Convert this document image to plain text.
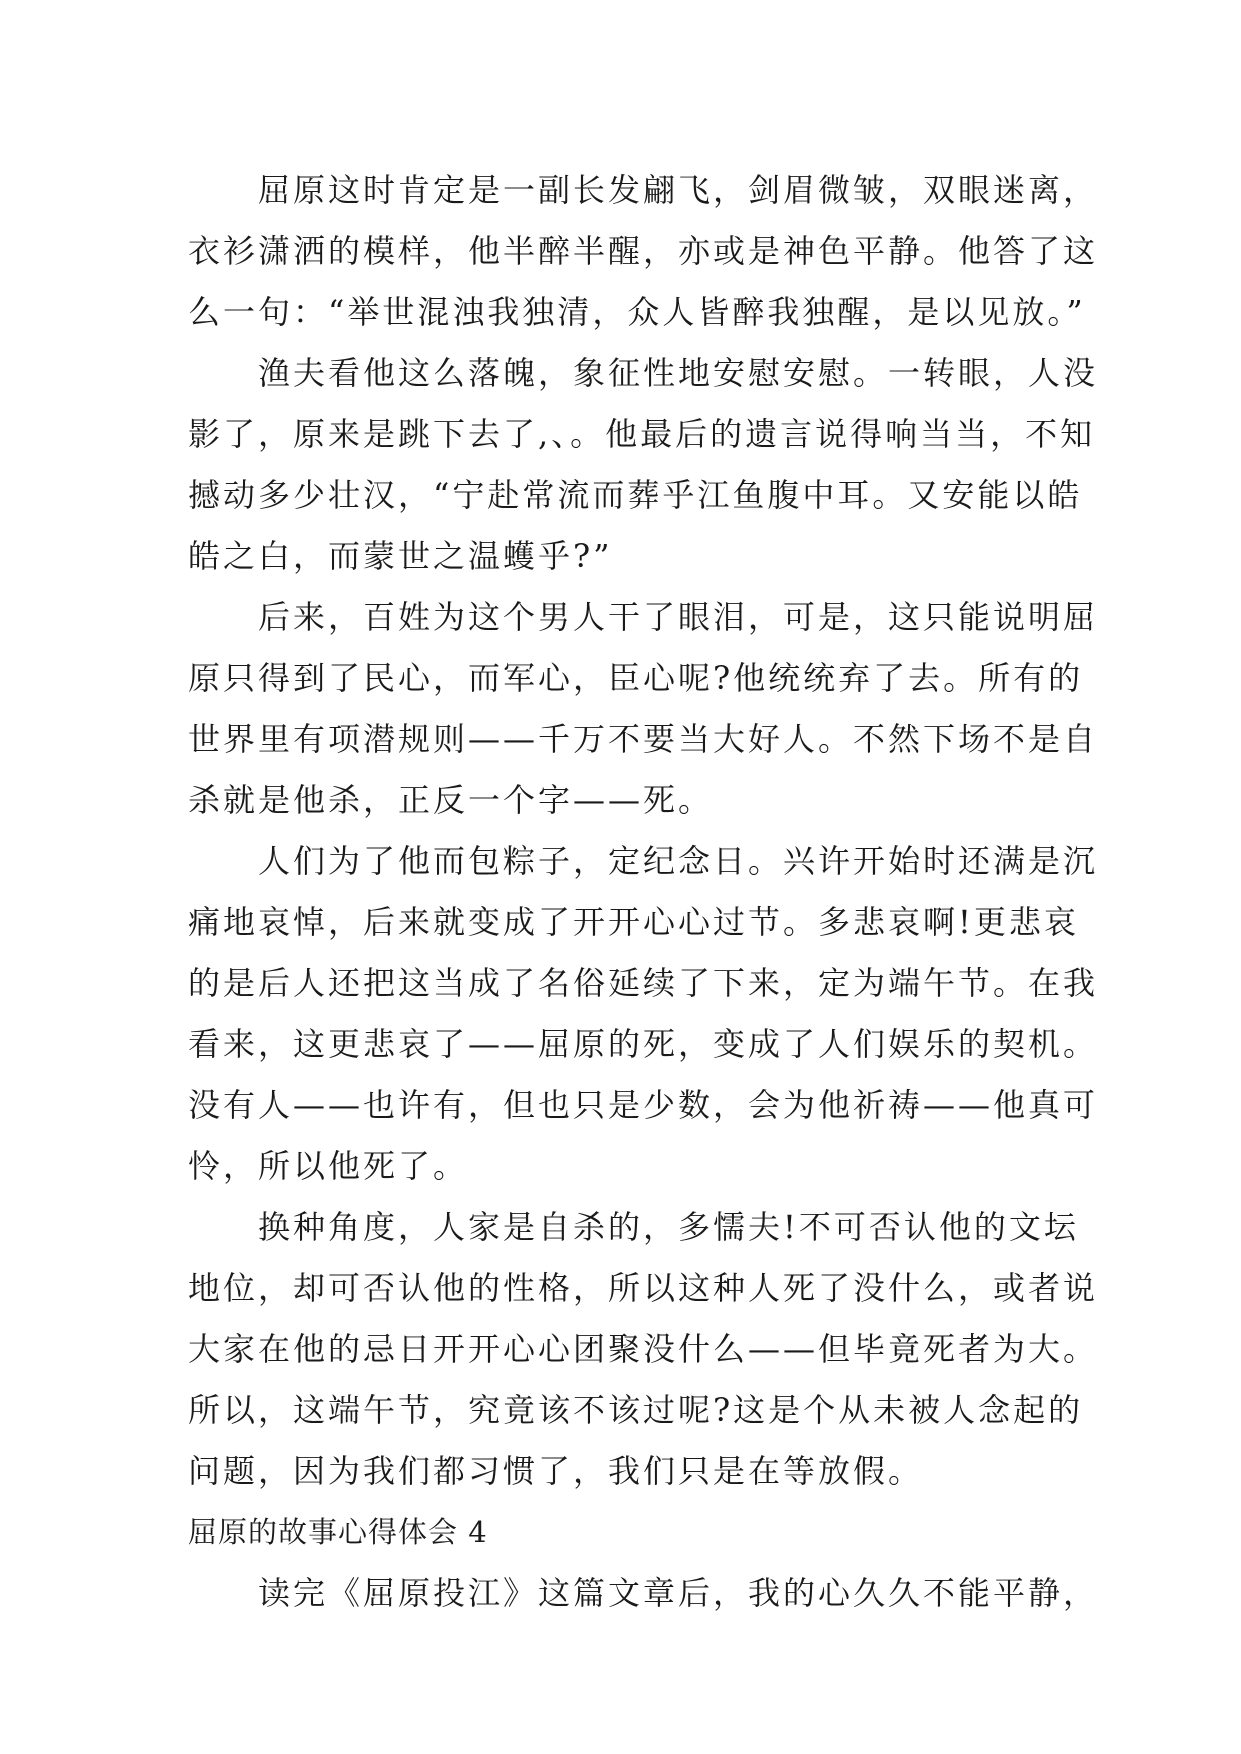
屈原这时肯定是一副长发翩飞，剑眉微皱，双眼迷离，
衣衫潇洒的模样，他半醉半醒，亦或是神色平静。他答了这
么一句：“举世混浊我独清，众人皆醉我独醒，是以见放。”
渔夫看他这么落魄，象征性地安慰安慰。一转眼，人没
影了，原来是跳下去了,、。他最后的遗言说得响当当，不知
撼动多少壮汉，“宁赴常流而葬乎江鱼腹中耳。又安能以皓
皓之白，而蒙世之温蠖乎?”
后来，百姓为这个男人干了眼泪，可是，这只能说明屈
原只得到了民心，而军心，臣心呢?他统统弃了去。所有的
世界里有项潜规则——千万不要当大好人。不然下场不是自
杀就是他杀，正反一个字——死。
人们为了他而包粽子，定纪念日。兴许开始时还满是沉
痛地哀悼，后来就变成了开开心心过节。多悲哀啊!更悲哀
的是后人还把这当成了名俗延续了下来，定为端午节。在我
看来，这更悲哀了——屈原的死，变成了人们娱乐的契机。
没有人——也许有，但也只是少数，会为他祈祷——他真可
怜，所以他死了。
换种角度，人家是自杀的，多懦夫!不可否认他的文坛
地位，却可否认他的性格，所以这种人死了没什么，或者说
大家在他的忌日开开心心团聚没什么——但毕竟死者为大。
所以，这端午节，究竟该不该过呢?这是个从未被人念起的
问题，因为我们都习惯了，我们只是在等放假。
屈原的故事心得体会 4
读完《屈原投江》这篇文章后，我的心久久不能平静，
